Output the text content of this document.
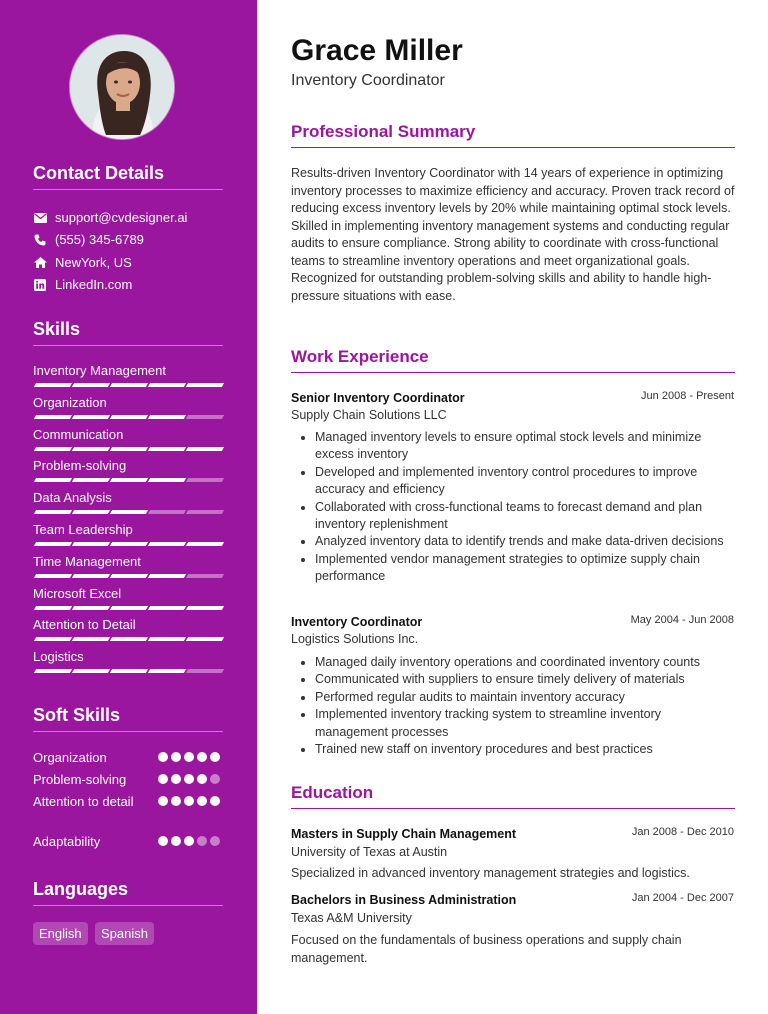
Contact Details
support@cvdesigner.ai
(555) 345-6789
NewYork, US
LinkedIn.com
Skills
Soft Skills
Languages
English	Spanish
Inventory Management
Organization
Communication
Problem-solving
Data Analysis
Team Leadership
Time Management
Microsoft Excel
Attention to Detail
Logistics
Organization
Problem-solving
Attention to detail
Adaptability
Grace Miller
Inventory Coordinator
Professional Summary

Results-driven Inventory Coordinator with 14 years of experience in optimizing inventory processes to maximize efficiency and accuracy. Proven track record of reducing excess inventory levels by 20% while maintaining optimal stock levels. Skilled in implementing inventory management systems and conducting regular audits to ensure compliance. Strong ability to coordinate with cross-functional teams to streamline inventory operations and meet organizational goals. Recognized for outstanding problem-solving skills and ability to handle high-pressure situations with ease.

Work Experience
Senior Inventory Coordinator	Jun 2008 - Present
Supply Chain Solutions LLC
• Managed inventory levels to ensure optimal stock levels and minimize excess inventory
• Developed and implemented inventory control procedures to improve accuracy and efficiency
• Collaborated with cross-functional teams to forecast demand and plan inventory replenishment
• Analyzed inventory data to identify trends and make data-driven decisions
• Implemented vendor management strategies to optimize supply chain performance
Inventory Coordinator	May 2004 - Jun 2008
Logistics Solutions Inc.
• Managed daily inventory operations and coordinated inventory counts
• Communicated with suppliers to ensure timely delivery of materials
• Performed regular audits to maintain inventory accuracy
• Implemented inventory tracking system to streamline inventory management processes
• Trained new staff on inventory procedures and best practices
Education
Masters in Supply Chain Management	Jan 2008 - Dec 2010
University of Texas at Austin

Specialized in advanced inventory management strategies and logistics.

Bachelors in Business Administration	Jan 2004 - Dec 2007
Texas A&M University

Focused on the fundamentals of business operations and supply chain management.
